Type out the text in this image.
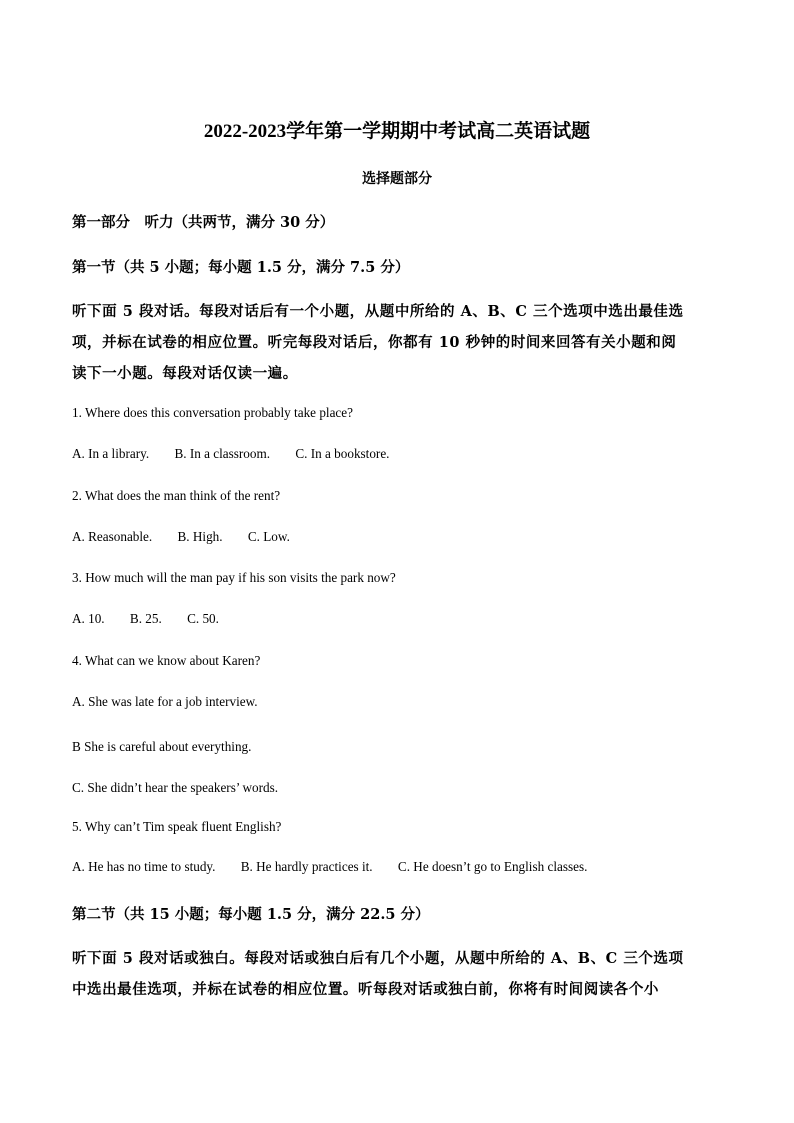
2022-2023学年第一学期期中考试高二英语试题
选择题部分
第一部分　听力（共两节，满分 30 分）
第一节（共 5 小题；每小题 1.5 分，满分 7.5 分）
听下面 5 段对话。每段对话后有一个小题，从题中所给的 A、B、C 三个选项中选出最佳选
项，并标在试卷的相应位置。听完每段对话后，你都有 10 秒钟的时间来回答有关小题和阅
读下一小题。每段对话仅读一遍。
1. Where does this conversation probably take place?
A. In a library. B. In a classroom. C. In a bookstore.
2. What does the man think of the rent?
A. Reasonable. B. High. C. Low.
3. How much will the man pay if his son visits the park now?
A. 10. B. 25. C. 50.
4. What can we know about Karen?
A. She was late for a job interview.
B She is careful about everything.
C. She didn’t hear the speakers’ words.
5. Why can’t Tim speak fluent English?
A. He has no time to study. B. He hardly practices it. C. He doesn’t go to English classes.
第二节（共 15 小题；每小题 1.5 分，满分 22.5 分）
听下面 5 段对话或独白。每段对话或独白后有几个小题，从题中所给的 A、B、C 三个选项
中选出最佳选项，并标在试卷的相应位置。听每段对话或独白前，你将有时间阅读各个小
